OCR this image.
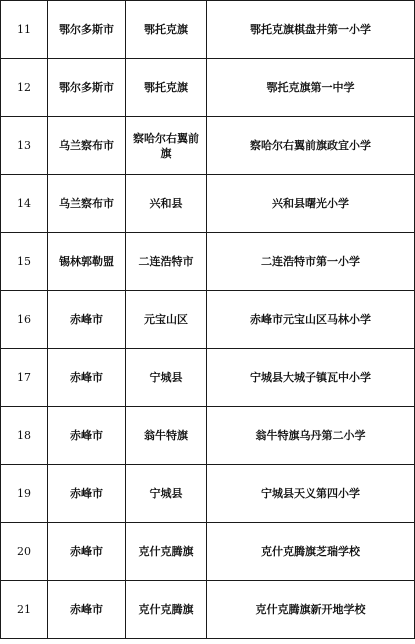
11	鄂尔多斯市	鄂托克旗	鄂托克旗棋盘井第一小学
12	鄂尔多斯市	鄂托克旗	鄂托克旗第一中学
13	乌兰察布市	察哈尔右翼前旗	察哈尔右翼前旗政宜小学
14	乌兰察布市	兴和县	兴和县曙光小学
15	锡林郭勒盟	二连浩特市	二连浩特市第一小学
16	赤峰市	元宝山区	赤峰市元宝山区马林小学
17	赤峰市	宁城县	宁城县大城子镇瓦中小学
18	赤峰市	翁牛特旗	翁牛特旗乌丹第二小学
19	赤峰市	宁城县	宁城县天义第四小学
20	赤峰市	克什克腾旗	克什克腾旗芝瑞学校
21	赤峰市	克什克腾旗	克什克腾旗新开地学校
